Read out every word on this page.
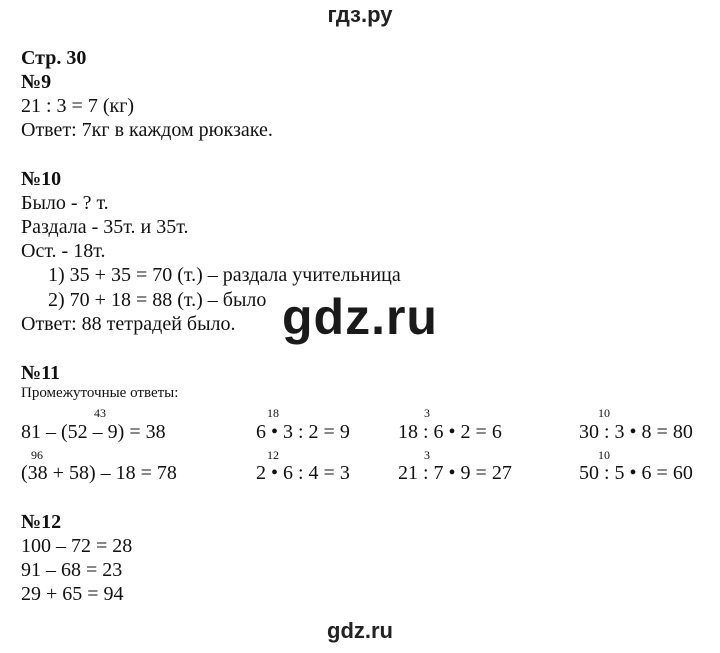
гдз.ру
Стр. 30
№9
21 : 3 = 7 (кг)
Ответ: 7кг в каждом рюкзаке.
№10
Было - ? т.
Раздала - 35т. и 35т.
Ост. - 18т.
1) 35 + 35 = 70 (т.) – раздала учительница
2) 70 + 18 = 88 (т.) – было
Ответ: 88 тетрадей было. gdz.ru
№11
Промежуточные ответы:
43
81 – (52 – 9) = 38
18
6 • 3 : 2 = 9
3
18 : 6 • 2 = 6
10
30 : 3 • 8 = 80
96
(38 + 58) – 18 = 78
12
2 • 6 : 4 = 3
3
21 : 7 • 9 = 27
10
50 : 5 • 6 = 60
№12
100 – 72 = 28
91 – 68 = 23
29 + 65 = 94
gdz.ru
